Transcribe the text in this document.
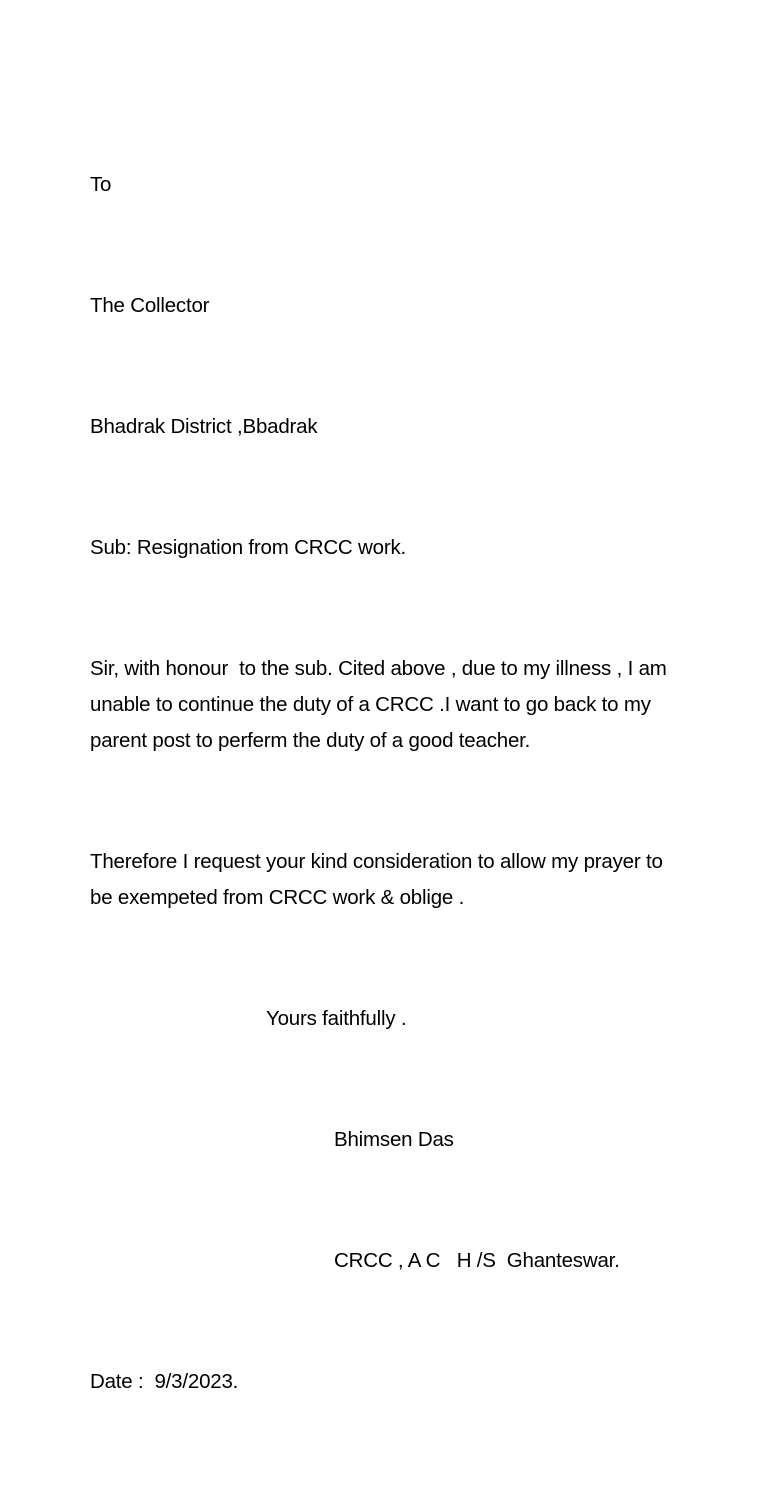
To

The Collector

Bhadrak District ,Bbadrak

Sub: Resignation from CRCC work.

Sir, with honour  to the sub. Cited above , due to my illness , I am unable to continue the duty of a CRCC .I want to go back to my parent post to perferm the duty of a good teacher.

Therefore I request your kind consideration to allow my prayer to be exempeted from CRCC work & oblige .

Yours faithfully .

Bhimsen Das

CRCC , A C   H /S  Ghanteswar.

Date :  9/3/2023.
